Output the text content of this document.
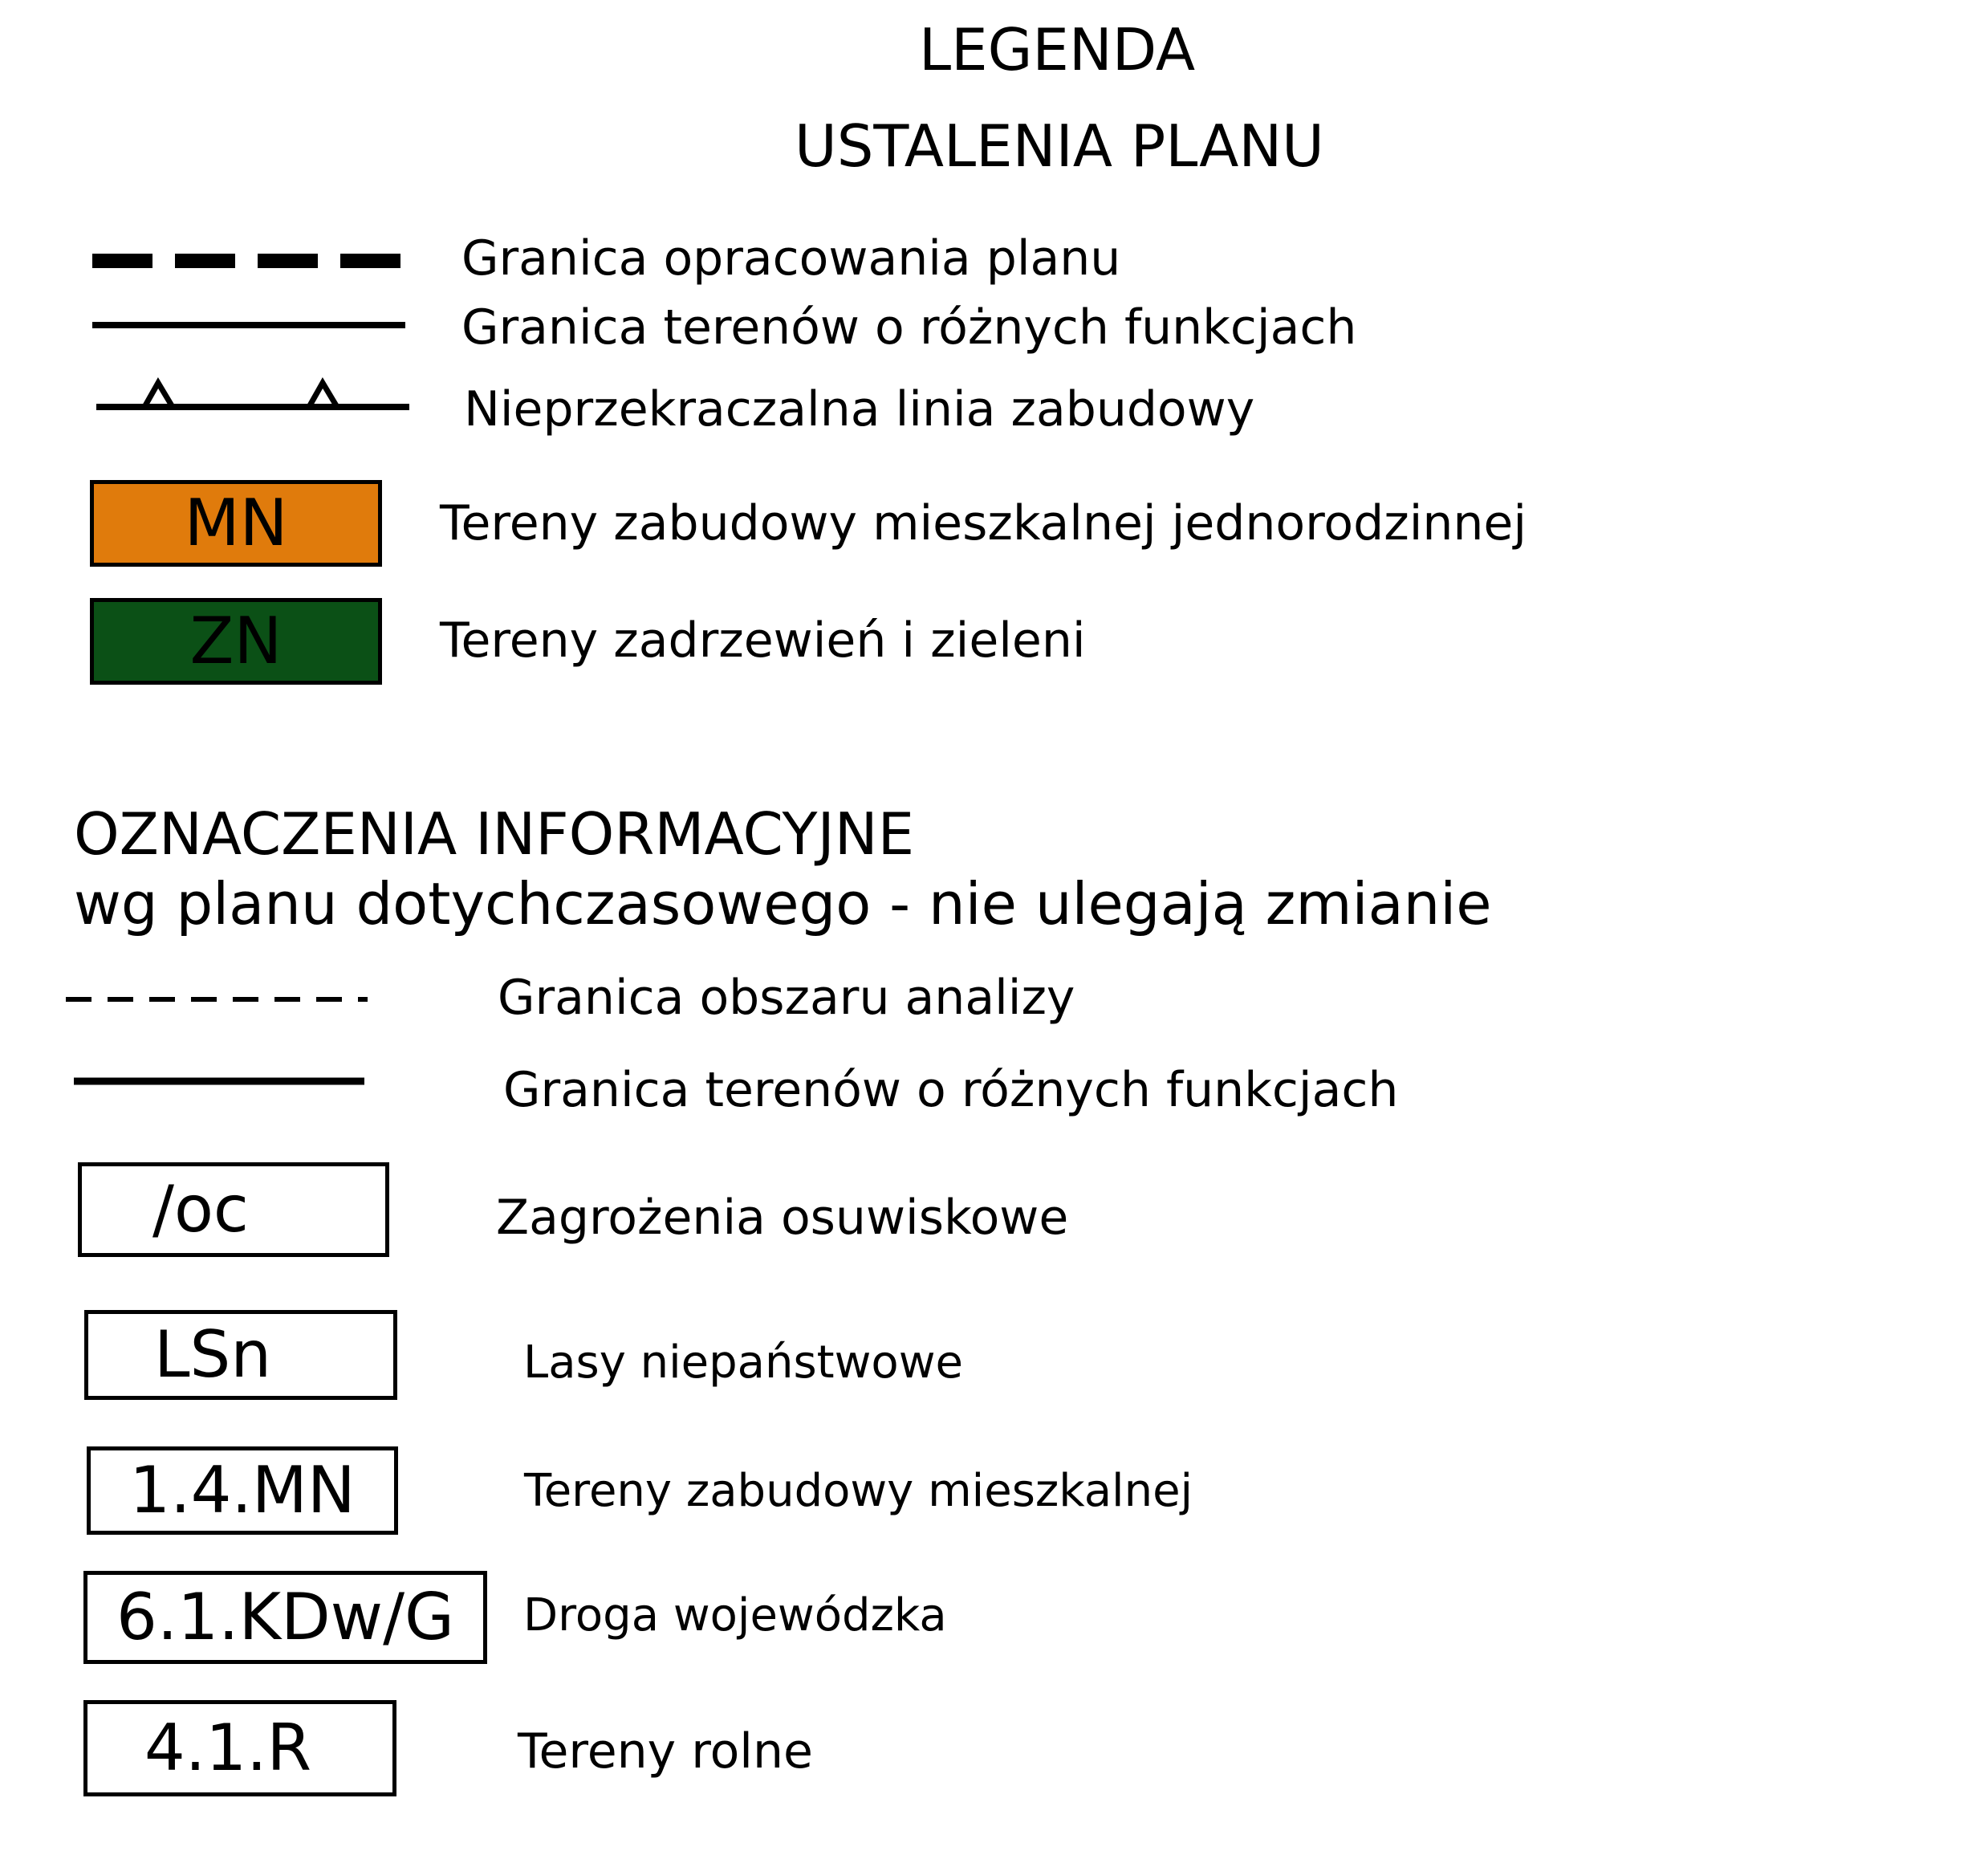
LEGENDA
USTALENIA PLANU
Granica opracowania planu
Granica terenów o różnych funkcjach
Nieprzekraczalna linia zabudowy
MN	Tereny zabudowy mieszkalnej jednorodzinnej
ZN	Tereny zadrzewień i zieleni
OZNACZENIA INFORMACYJNE
wg planu dotychczasowego - nie ulegają zmianie
Granica obszaru analizy
Granica terenów o różnych funkcjach
/oc	Zagrożenia osuwiskowe
LSn	Lasy niepaństwowe
1.4.MN	Tereny zabudowy mieszkalnej
6.1.KDw/G Droga wojewódzka
4.1.R	Tereny rolne
